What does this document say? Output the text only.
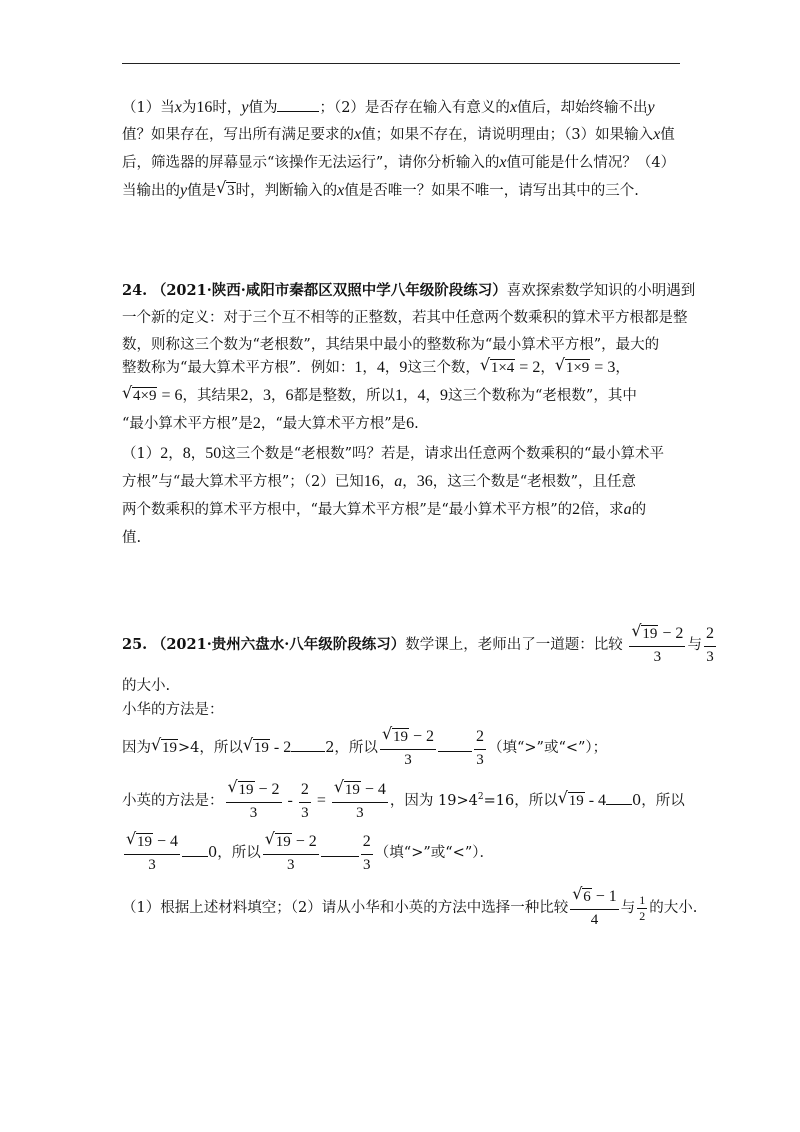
（1）当x为16时，y值为	；（2）是否存在输入有意义的x值后，却始终输不出y
值？如果存在，写出所有满足要求的x值；如果不存在，请说明理由；（3）如果输入x值
后，筛选器的屏幕显示“该操作无法运行”，请你分析输入的x值可能是什么情况？（4）
当输出的y值是 √ 3时，判断输入的x值是否唯一？如果不唯一，请写出其中的三个.
24. （2021·陕西·咸阳市秦都区双照中学八年级阶段练习）喜欢探索数学知识的小明遇到
一个新的定义：对于三个互不相等的正整数，若其中任意两个数乘积的算术平方根都是整
数，则称这三个数为“老根数”，其结果中最小的整数称为“最小算术平方根”，最大的
整数称为“最大算术平方根”．例如：1，4，9这三个数， √ 1×4 = 2， √ 1×9 = 3，
√ 4×9 = 6，其结果2，3，6都是整数，所以1，4，9这三个数称为“老根数”，其中
“最小算术平方根”是2，“最大算术平方根”是6.
（1）2，8，50这三个数是“老根数”吗？若是，请求出任意两个数乘积的“最小算术平
方根”与“最大算术平方根”；（2）已知16，a，36，这三个数是“老根数”，且任意
两个数乘积的算术平方根中，“最大算术平方根”是“最小算术平方根”的2倍，求a的
值.
25. （2021·贵州六盘水·八年级阶段练习）数学课上，老师出了一道题：比较 √ $\frac{19 - 2}{3}$ 与 $\frac{2}{3}$
的大小.
小华的方法是：
因为 √ 19>4，所以 √ 19 - 2 2，所以 √ $\frac{19 - 2}{3} \frac{2}{3}$ （填“>”或“<”）；
小英的方法是： √ $\frac{19 - 2}{3} - \frac{2}{3}$ = √ $\frac{19 - 4}{3}$ ，因为 $19>4^2=16$，所以 √ 19 - 4 0，所以
√ $\frac{19 - 4}{3} 0$，所以 √ $\frac{19 - 2}{3}$	$\frac{2}{3}$ （填“>”或“<”）．
（1）根据上述材料填空；（2）请从小华和小英的方法中选择一种比较 √ $\frac{6 - 1}{4}$ 与 $\frac{1}{2}$ 的大小.
